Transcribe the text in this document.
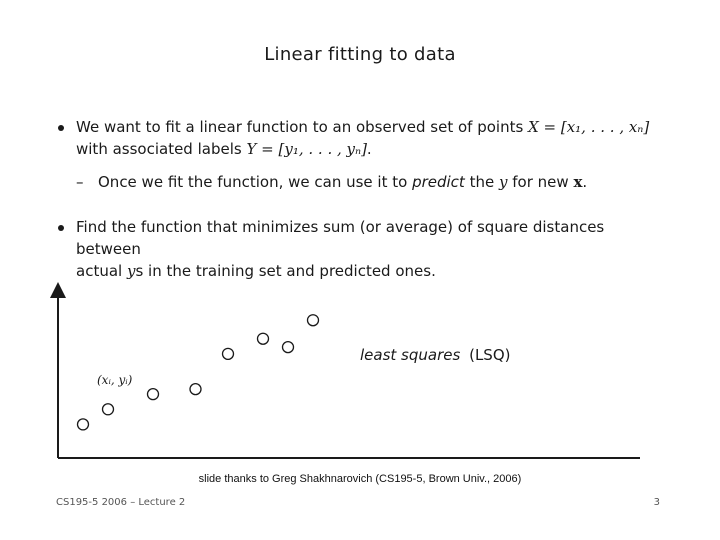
Linear fitting to data
We want to fit a linear function to an observed set of points X = [x₁, . . . , xₙ]
with associated labels Y = [y₁, . . . , yₙ].
– Once we fit the function, we can use it to predict the y for new x.
Find the function that minimizes sum (or average) of square distances between
actual ys in the training set and predicted ones.
(xᵢ, yᵢ)
least squares (LSQ)
slide thanks to Greg Shakhnarovich (CS195-5, Brown Univ., 2006)
CS195-5 2006 – Lecture 2	3
